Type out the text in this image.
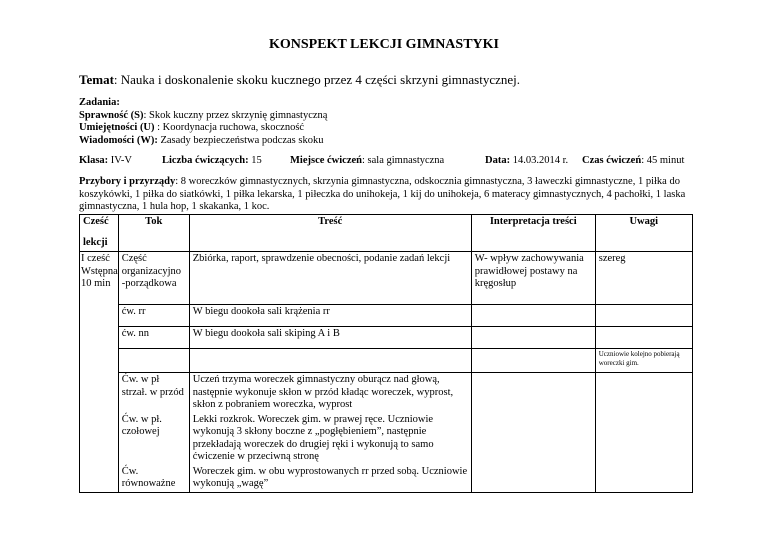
KONSPEKT LEKCJI GIMNASTYKI
Temat: Nauka i doskonalenie skoku kucznego przez 4 części skrzyni gimnastycznej.
Zadania:
Sprawność (S): Skok kuczny przez skrzynię gimnastyczną
Umiejętności (U) : Koordynacja ruchowa, skoczność
Wiadomości (W): Zasady bezpieczeństwa podczas skoku
Klasa: IV-V	Liczba ćwiczących: 15	Miejsce ćwiczeń: sala gimnastyczna	Data: 14.03.2014 r. Czas ćwiczeń: 45 minut
Przybory i przyrządy: 8 woreczków gimnastycznych, skrzynia gimnastyczna, odskocznia gimnastyczna, 3 ławeczki gimnastyczne, 1 piłka do koszykówki, 1 piłka do siatkówki, 1 piłka lekarska, 1 piłeczka do unihokeja, 1 kij do unihokeja, 6 materacy gimnastycznych, 4 pachołki, 1 laska gimnastyczna, 1 hula hop, 1 skakanka, 1 koc.
Cześć
lekcji	Tok	Treść	Interpretacja treści	Uwagi
I cześć Wstępna 10 min	Część organizacyjno -porządkowa	Zbiórka, raport, sprawdzenie obecności, podanie zadań lekcji	W- wpływ zachowywania prawidłowej postawy na kręgosłup	szereg
	ćw. rr	W biegu dookoła sali krążenia rr		
	ćw. nn	W biegu dookoła sali skiping A i B		
				Uczniowie kolejno pobierają woreczki gim.
	Ćw. w pł strzał. w przód	Uczeń trzyma woreczek gimnastyczny oburącz nad głową, następnie wykonuje skłon w przód kładąc woreczek, wyprost, skłon z pobraniem woreczka, wyprost		
	Ćw. w pł. czołowej	Lekki rozkrok. Woreczek gim. w prawej ręce. Uczniowie wykonują 3 skłony boczne z „pogłębieniem”, następnie przekładają woreczek do drugiej ręki i wykonują to samo ćwiczenie w przeciwną stronę		
	Ćw. równoważne	Woreczek gim. w obu wyprostowanych rr przed sobą. Uczniowie wykonują „wagę”		
